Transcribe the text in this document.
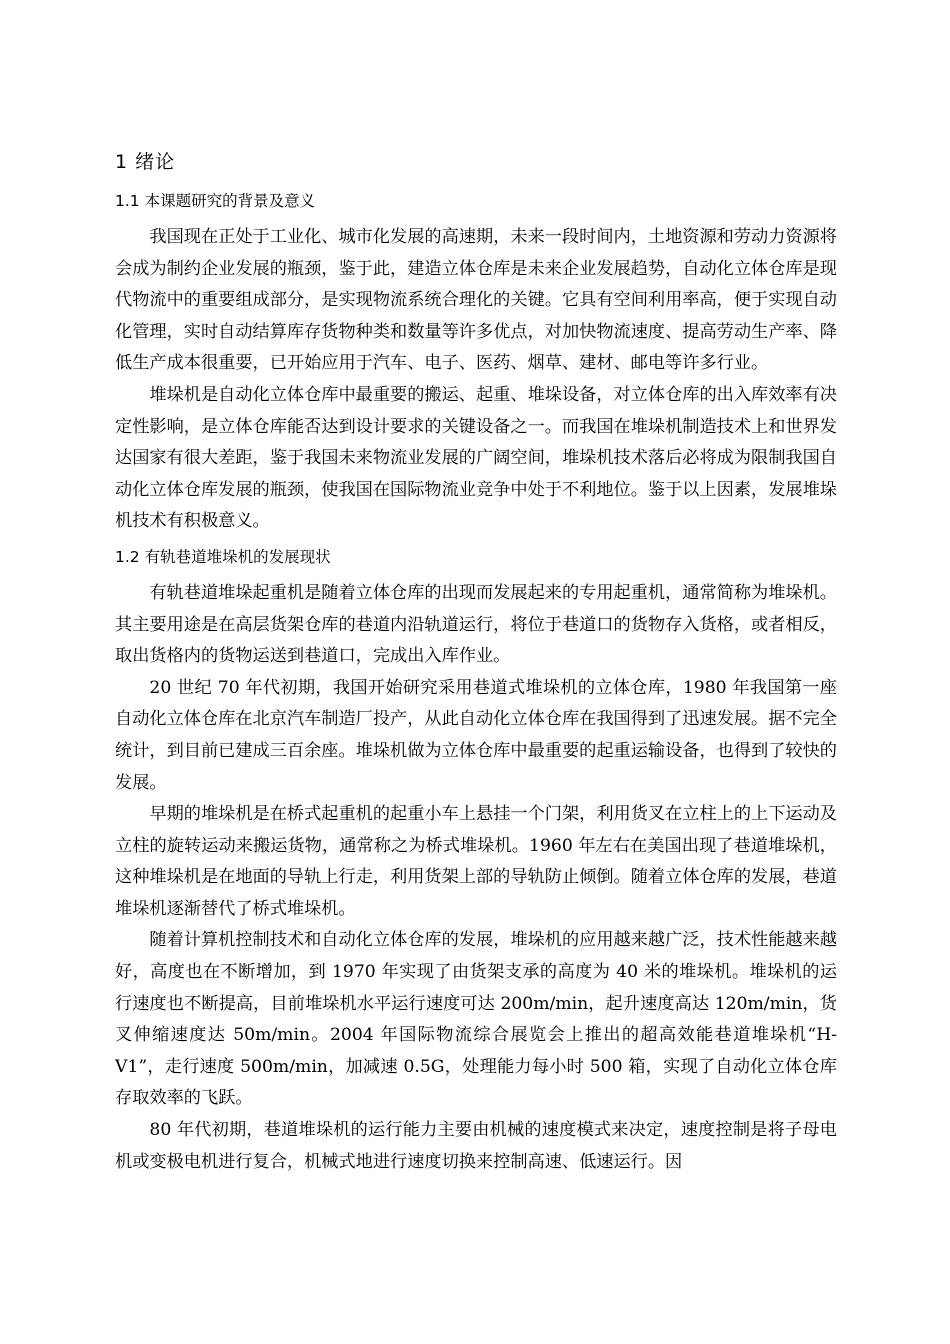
1 绪论
1.1 本课题研究的背景及意义

我国现在正处于工业化、城市化发展的高速期，未来一段时间内，土地资源和劳动力资源将会成为制约企业发展的瓶颈，鉴于此，建造立体仓库是未来企业发展趋势，自动化立体仓库是现代物流中的重要组成部分，是实现物流系统合理化的关键。它具有空间利用率高，便于实现自动化管理，实时自动结算库存货物种类和数量等许多优点，对加快物流速度、提高劳动生产率、降低生产成本很重要，已开始应用于汽车、电子、医药、烟草、建材、邮电等许多行业。

堆垛机是自动化立体仓库中最重要的搬运、起重、堆垛设备，对立体仓库的出入库效率有决定性影响，是立体仓库能否达到设计要求的关键设备之一。而我国在堆垛机制造技术上和世界发达国家有很大差距，鉴于我国未来物流业发展的广阔空间，堆垛机技术落后必将成为限制我国自动化立体仓库发展的瓶颈，使我国在国际物流业竞争中处于不利地位。鉴于以上因素，发展堆垛机技术有积极意义。

1.2 有轨巷道堆垛机的发展现状

有轨巷道堆垛起重机是随着立体仓库的出现而发展起来的专用起重机，通常简称为堆垛机。其主要用途是在高层货架仓库的巷道内沿轨道运行，将位于巷道口的货物存入货格，或者相反，取出货格内的货物运送到巷道口，完成出入库作业。

20 世纪 70 年代初期，我国开始研究采用巷道式堆垛机的立体仓库，1980 年我国第一座自动化立体仓库在北京汽车制造厂投产，从此自动化立体仓库在我国得到了迅速发展。据不完全统计，到目前已建成三百余座。堆垛机做为立体仓库中最重要的起重运输设备，也得到了较快的发展。

早期的堆垛机是在桥式起重机的起重小车上悬挂一个门架，利用货叉在立柱上的上下运动及立柱的旋转运动来搬运货物，通常称之为桥式堆垛机。1960 年左右在美国出现了巷道堆垛机，这种堆垛机是在地面的导轨上行走，利用货架上部的导轨防止倾倒。随着立体仓库的发展，巷道堆垛机逐渐替代了桥式堆垛机。

随着计算机控制技术和自动化立体仓库的发展，堆垛机的应用越来越广泛，技术性能越来越好，高度也在不断增加，到 1970 年实现了由货架支承的高度为 40 米的堆垛机。堆垛机的运行速度也不断提高，目前堆垛机水平运行速度可达 200m/min，起升速度高达 120m/min，货叉伸缩速度达 50m/min。2004 年国际物流综合展览会上推出的超高效能巷道堆垛机“H-V1”，走行速度 500m/min，加减速 0.5G，处理能力每小时 500 箱，实现了自动化立体仓库存取效率的飞跃。

80 年代初期，巷道堆垛机的运行能力主要由机械的速度模式来决定，速度控制是将子母电机或变极电机进行复合，机械式地进行速度切换来控制高速、低速运行。因
